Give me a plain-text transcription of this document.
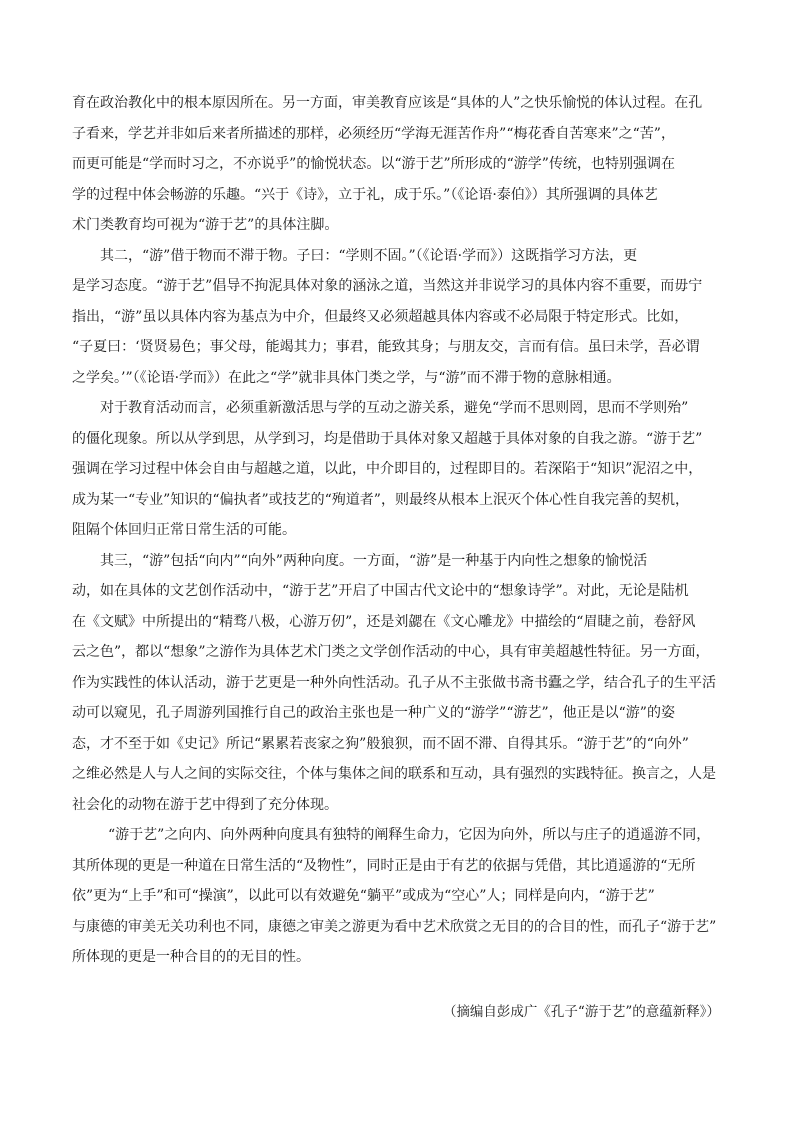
育在政治教化中的根本原因所在。另一方面，审美教育应该是“具体的人”之快乐愉悦的体认过程。在孔
子看来，学艺并非如后来者所描述的那样，必须经历“学海无涯苦作舟”“梅花香自苦寒来”之“苦”，
而更可能是“学而时习之，不亦说乎”的愉悦状态。以“游于艺”所形成的“游学”传统，也特别强调在
学的过程中体会畅游的乐趣。“兴于《诗》，立于礼，成于乐。”（《论语·泰伯》）其所强调的具体艺
术门类教育均可视为“游于艺”的具体注脚。
其二，“游”借于物而不滞于物。子曰：“学则不固。”（《论语·学而》）这既指学习方法，更
是学习态度。“游于艺”倡导不拘泥具体对象的涵泳之道，当然这并非说学习的具体内容不重要，而毋宁
指出，“游”虽以具体内容为基点为中介，但最终又必须超越具体内容或不必局限于特定形式。比如，
“子夏曰：‘贤贤易色；事父母，能竭其力；事君，能致其身；与朋友交，言而有信。虽曰未学，吾必谓
之学矣。’”（《论语·学而》）在此之“学”就非具体门类之学，与“游”而不滞于物的意脉相通。
对于教育活动而言，必须重新激活思与学的互动之游关系，避免“学而不思则罔，思而不学则殆”
的僵化现象。所以从学到思，从学到习，均是借助于具体对象又超越于具体对象的自我之游。“游于艺”
强调在学习过程中体会自由与超越之道，以此，中介即目的，过程即目的。若深陷于“知识”泥沼之中，
成为某一“专业”知识的“偏执者”或技艺的“殉道者”，则最终从根本上泯灭个体心性自我完善的契机，
阻隔个体回归正常日常生活的可能。
其三，“游”包括“向内”“向外”两种向度。一方面，“游”是一种基于内向性之想象的愉悦活
动，如在具体的文艺创作活动中，“游于艺”开启了中国古代文论中的“想象诗学”。对此，无论是陆机
在《文赋》中所提出的“精骛八极，心游万仞”，还是刘勰在《文心雕龙》中描绘的“眉睫之前，卷舒风
云之色”，都以“想象”之游作为具体艺术门类之文学创作活动的中心，具有审美超越性特征。另一方面，
作为实践性的体认活动，游于艺更是一种外向性活动。孔子从不主张做书斋书蠹之学，结合孔子的生平活
动可以窥见，孔子周游列国推行自己的政治主张也是一种广义的“游学”“游艺”，他正是以“游”的姿
态，才不至于如《史记》所记“累累若丧家之狗”般狼狈，而不固不滞、自得其乐。“游于艺”的“向外”
之维必然是人与人之间的实际交往，个体与集体之间的联系和互动，具有强烈的实践特征。换言之，人是
社会化的动物在游于艺中得到了充分体现。
“游于艺”之向内、向外两种向度具有独特的阐释生命力，它因为向外，所以与庄子的逍遥游不同，
其所体现的更是一种道在日常生活的“及物性”，同时正是由于有艺的依据与凭借，其比逍遥游的“无所
依”更为“上手”和可“操演”，以此可以有效避免“躺平”或成为“空心”人；同样是向内，“游于艺”
与康德的审美无关功利也不同，康德之审美之游更为看中艺术欣赏之无目的的合目的性，而孔子“游于艺”
所体现的更是一种合目的的无目的性。
（摘编自彭成广《孔子“游于艺”的意蕴新释》）
